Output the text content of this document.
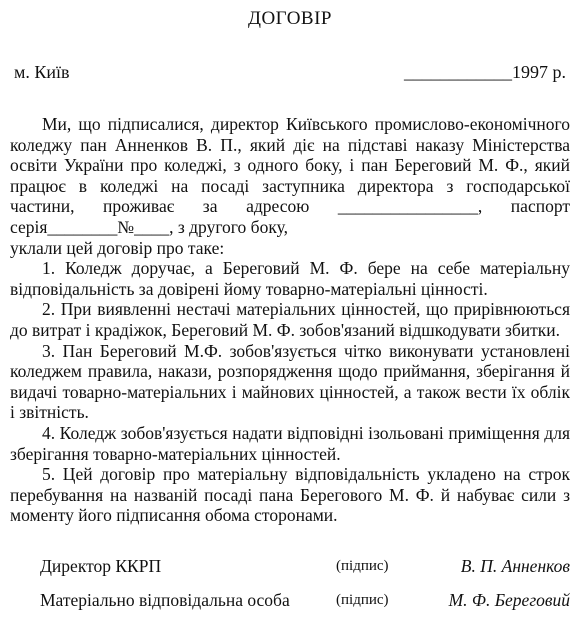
ДОГОВІР
м. Київ	____________1997 р.

Ми, що підписалися, директор Київського промислово-економічного коледжу пан Анненков В. П., який діє на підставі наказу Міністерства освіти України про коледжі, з одного боку, і пан Береговий М. Ф., який працює в коледжі на посаді заступника директора з господарської частини, проживає за адресою ________________, паспорт серія________№____, з другого боку,

уклали цей договір про таке:

1. Коледж доручає, а Береговий М. Ф. бере на себе матеріальну відповідальність за довірені йому товарно-матеріальні цінності.

2. При виявленні нестачі матеріальних цінностей, що прирівнюються до витрат і крадіжок, Береговий М. Ф. зобов'язаний відшкодувати збитки.

3. Пан Береговий М.Ф. зобов'язується чітко виконувати установлені коледжем правила, накази, розпорядження щодо приймання, зберігання й видачі товарно-матеріальних і майнових цінностей, а також вести їх облік і звітність.

4. Коледж зобов'язується надати відповідні ізольовані приміщення для зберігання товарно-матеріальних цінностей.

5. Цей договір про матеріальну відповідальність укладено на строк перебування на названій посаді пана Берегового М. Ф. й набуває сили з моменту його підписання обома сторонами.

Директор ККРП	(підпис)	В. П. Анненков
Матеріально відповідальна особа	(підпис)	М. Ф. Береговий
